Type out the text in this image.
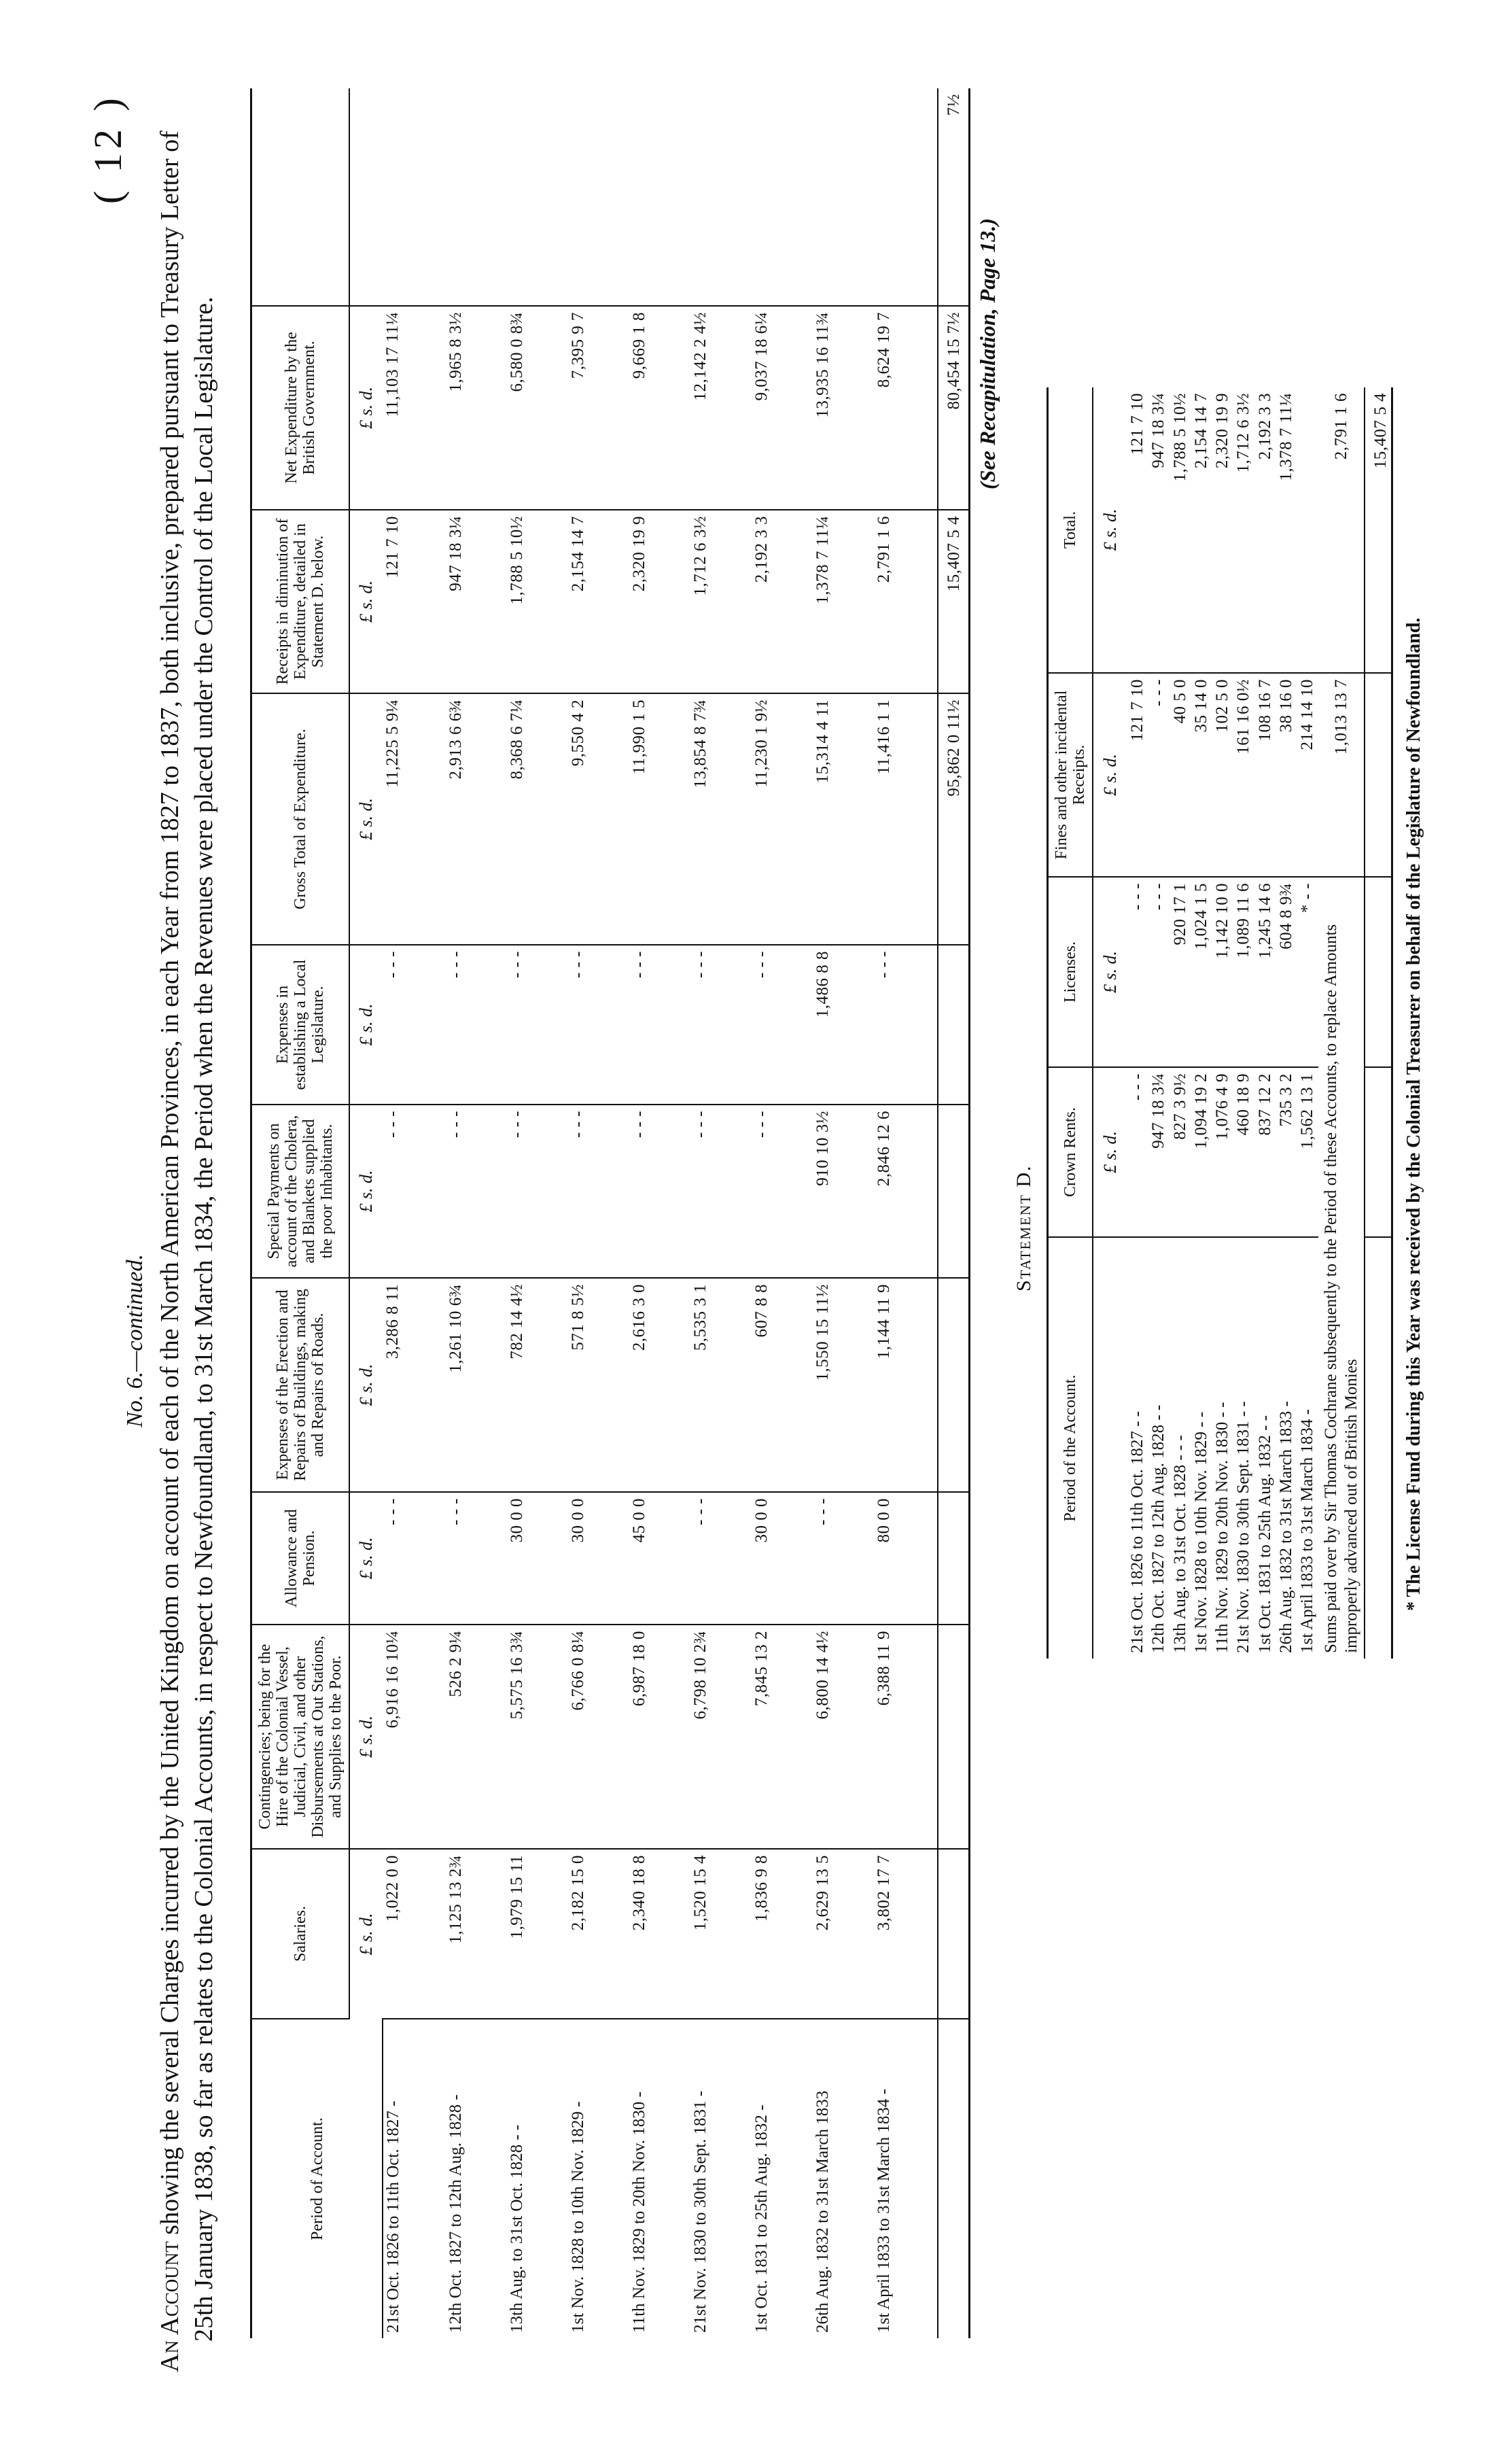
( 12 )
No. 6.—continued.
An Account showing the several Charges incurred by the United Kingdom on account of each of the North American Provinces, in each Year from 1827 to 1837, both inclusive, prepared pursuant to Treasury Letter of 25th January 1838, so far as relates to the Colonial Accounts, in respect to Newfoundland, to 31st March 1834, the Period when the Revenues were placed under the Control of the Local Legislature.	Period of Account.	Salaries.	Contingencies; being for the Hire of the Colonial Vessel, Judicial, Civil, and other Disbursements at Out Stations, and Supplies to the Poor.	Allowance and Pension.	Expenses of the Erection and Repairs of Buildings, making and Repairs of Roads.	Special Payments on account of the Cholera, and Blankets supplied the poor Inhabitants.	Expenses in establishing a Local Legislature.	Gross Total of Expenditure.	Receipts in diminution of Expenditure, detailed in Statement D. below.	Net Expenditure by the British Government.	
	£ s. d.	£ s. d.	£ s. d.	£ s. d.	£ s. d.	£ s. d.	£ s. d.	£ s. d.	£ s. d.	
21st Oct. 1826 to 11th Oct. 1827 -	1,022 0 0	6,916 16 10¼	- - -	3,286 8 11	- - -	- - -	11,225 5 9¼	121 7 10	11,103 17 11¼	
12th Oct. 1827 to 12th Aug. 1828 -	1,125 13 2¾	526 2 9¼	- - -	1,261 10 6¾	- - -	- - -	2,913 6 6¾	947 18 3¼	1,965 8 3½	
13th Aug. to 31st Oct. 1828 - -	1,979 15 11	5,575 16 3¾	30 0 0	782 14 4½	- - -	- - -	8,368 6 7¼	1,788 5 10½	6,580 0 8¾	
1st Nov. 1828 to 10th Nov. 1829 -	2,182 15 0	6,766 0 8¼	30 0 0	571 8 5½	- - -	- - -	9,550 4 2	2,154 14 7	7,395 9 7	
11th Nov. 1829 to 20th Nov. 1830 -	2,340 18 8	6,987 18 0	45 0 0	2,616 3 0	- - -	- - -	11,990 1 5	2,320 19 9	9,669 1 8	
21st Nov. 1830 to 30th Sept. 1831 -	1,520 15 4	6,798 10 2¾	- - -	5,535 3 1	- - -	- - -	13,854 8 7¾	1,712 6 3½	12,142 2 4½	
1st Oct. 1831 to 25th Aug. 1832 -	1,836 9 8	7,845 13 2	30 0 0	607 8 8	- - -	- - -	11,230 1 9½	2,192 3 3	9,037 18 6¼	
26th Aug. 1832 to 31st March 1833	2,629 13 5	6,800 14 4½	- - -	1,550 15 11½	910 10 3½	1,486 8 8	15,314 4 11	1,378 7 11¼	13,935 16 11¾	
1st April 1833 to 31st March 1834 -	3,802 17 7	6,388 11 9	80 0 0	1,144 11 9	2,846 12 6	- - -	11,416 1 1	2,791 1 6	8,624 19 7	
							95,862 0 11½	15,407 5 4	80,454 15 7½	7½
(See Recapitulation, Page 13.)
Statement D.
Period of the Account.	Crown Rents.	Licenses.	Fines and other incidental Receipts.	Total.
	£ s. d.	£ s. d.	£ s. d.	£ s. d.
21st Oct. 1826 to 11th Oct. 1827 - -	- - -	- - -	121 7 10	121 7 10
12th Oct. 1827 to 12th Aug. 1828 - -	947 18 3¼	- - -	- - -	947 18 3¼
13th Aug. to 31st Oct. 1828 - - -	827 3 9½	920 17 1	40 5 0	1,788 5 10½
1st Nov. 1828 to 10th Nov. 1829 - -	1,094 19 2	1,024 1 5	35 14 0	2,154 14 7
11th Nov. 1829 to 20th Nov. 1830 - -	1,076 4 9	1,142 10 0	102 5 0	2,320 19 9
21st Nov. 1830 to 30th Sept. 1831 - -	460 18 9	1,089 11 6	161 16 0½	1,712 6 3½
1st Oct. 1831 to 25th Aug. 1832 - -	837 12 2	1,245 14 6	108 16 7	2,192 3 3
26th Aug. 1832 to 31st March 1833 -	735 3 2	604 8 9¾	38 16 0	1,378 7 11¼
1st April 1833 to 31st March 1834 -	1,562 13 1	* - -	214 14 10	
Sums paid over by Sir Thomas Cochrane subsequently to the Period of these Accounts, to replace Amounts improperly advanced out of British Monies			1,013 13 7	2,791 1 6
				15,407 5 4
* The License Fund during this Year was received by the Colonial Treasurer on behalf of the Legislature of Newfoundland.
